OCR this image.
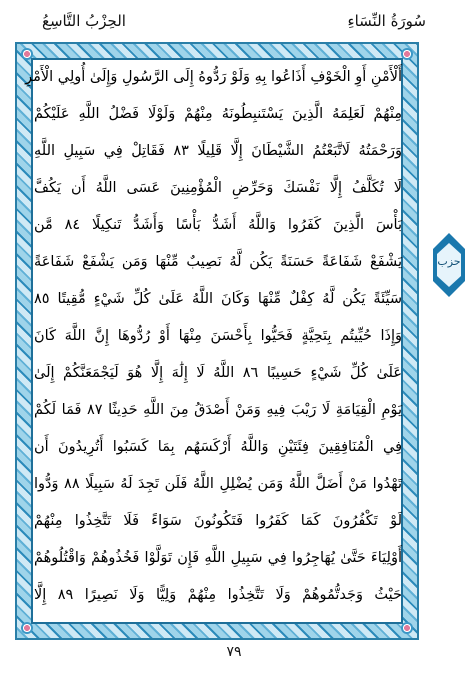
الحِزْبُ التَّاسِعُ	سُورَةُ النِّسَاءِ
أَلْأَمْنِ أَوِ الْخَوْفِ أَذَاعُوا بِهِ وَلَوْ رَدُّوهُ إِلَى الرَّسُولِ وَإِلَىٰ أُولِي الْأَمْرِ
مِنْهُمْ لَعَلِمَهُ الَّذِينَ يَسْتَنبِطُونَهُ مِنْهُمْ وَلَوْلَا فَضْلُ اللَّهِ عَلَيْكُمْ
وَرَحْمَتُهُ لَاتَّبَعْتُمُ الشَّيْطَانَ إِلَّا قَلِيلًا ٨٣ فَقَاتِلْ فِي سَبِيلِ اللَّهِ
لَا تُكَلَّفُ إِلَّا نَفْسَكَ وَحَرِّضِ الْمُؤْمِنِينَ عَسَى اللَّهُ أَن يَكُفَّ
بَأْسَ الَّذِينَ كَفَرُوا وَاللَّهُ أَشَدُّ بَأْسًا وَأَشَدُّ تَنكِيلًا ٨٤ مَّن
يَشْفَعْ شَفَاعَةً حَسَنَةً يَكُن لَّهُ نَصِيبٌ مِّنْهَا وَمَن يَشْفَعْ شَفَاعَةً
سَيِّئَةً يَكُن لَّهُ كِفْلٌ مِّنْهَا وَكَانَ اللَّهُ عَلَىٰ كُلِّ شَيْءٍ مُّقِيتًا ٨٥
وَإِذَا حُيِّيتُم بِتَحِيَّةٍ فَحَيُّوا بِأَحْسَنَ مِنْهَا أَوْ رُدُّوهَا إِنَّ اللَّهَ كَانَ
عَلَىٰ كُلِّ شَيْءٍ حَسِيبًا ٨٦ اللَّهُ لَا إِلَٰهَ إِلَّا هُوَ لَيَجْمَعَنَّكُمْ إِلَىٰ
يَوْمِ الْقِيَامَةِ لَا رَيْبَ فِيهِ وَمَنْ أَصْدَقُ مِنَ اللَّهِ حَدِيثًا ٨٧ فَمَا لَكُمْ
فِي الْمُنَافِقِينَ فِئَتَيْنِ وَاللَّهُ أَرْكَسَهُم بِمَا كَسَبُوا أَتُرِيدُونَ أَن
تَهْدُوا مَنْ أَضَلَّ اللَّهُ وَمَن يُضْلِلِ اللَّهُ فَلَن تَجِدَ لَهُ سَبِيلًا ٨٨ وَدُّوا
لَوْ تَكْفُرُونَ كَمَا كَفَرُوا فَتَكُونُونَ سَوَاءً فَلَا تَتَّخِذُوا مِنْهُمْ
أَوْلِيَاءَ حَتَّىٰ يُهَاجِرُوا فِي سَبِيلِ اللَّهِ فَإِن تَوَلَّوْا فَخُذُوهُمْ وَاقْتُلُوهُمْ
حَيْثُ وَجَدتُّمُوهُمْ وَلَا تَتَّخِذُوا مِنْهُمْ وَلِيًّا وَلَا نَصِيرًا ٨٩ إِلَّا
حزب
٧٩
